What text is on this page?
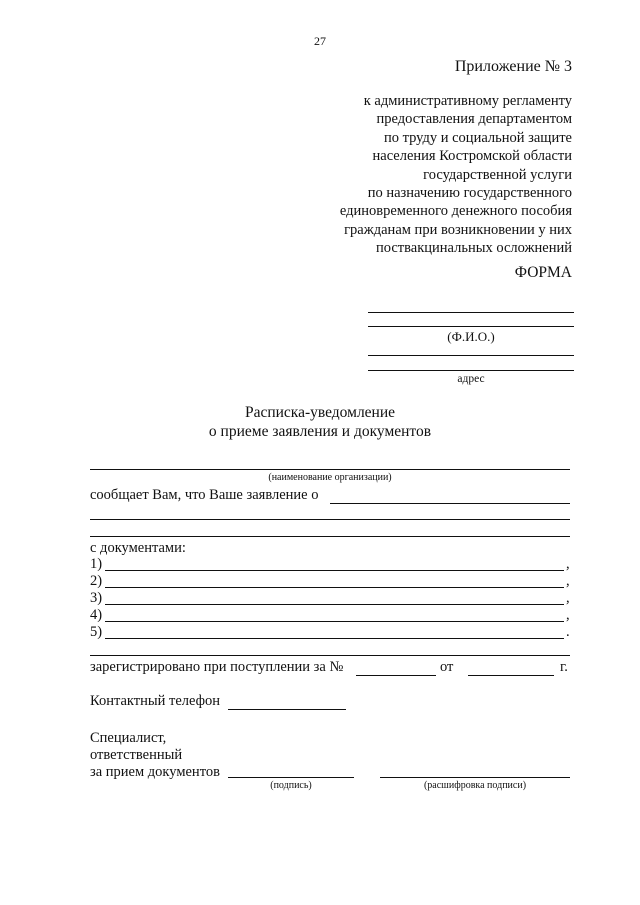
27
Приложение № 3
к административному регламенту
предоставления департаментом
по труду и социальной защите
населения Костромской области
государственной услуги
по назначению государственного
единовременного денежного пособия
гражданам при возникновении у них
поствакцинальных осложнений
ФОРМА
(Ф.И.О.)
адрес
Расписка-уведомление
о приеме заявления и документов
(наименование организации)
сообщает Вам, что Ваше заявление о
с документами:
1)	,
2)	,
3)	,
4)	,
5)	.
зарегистрировано при поступлении за №	от	г.
Контактный телефон
Специалист,
ответственный
за прием документов
(подпись)	(расшифровка подписи)
